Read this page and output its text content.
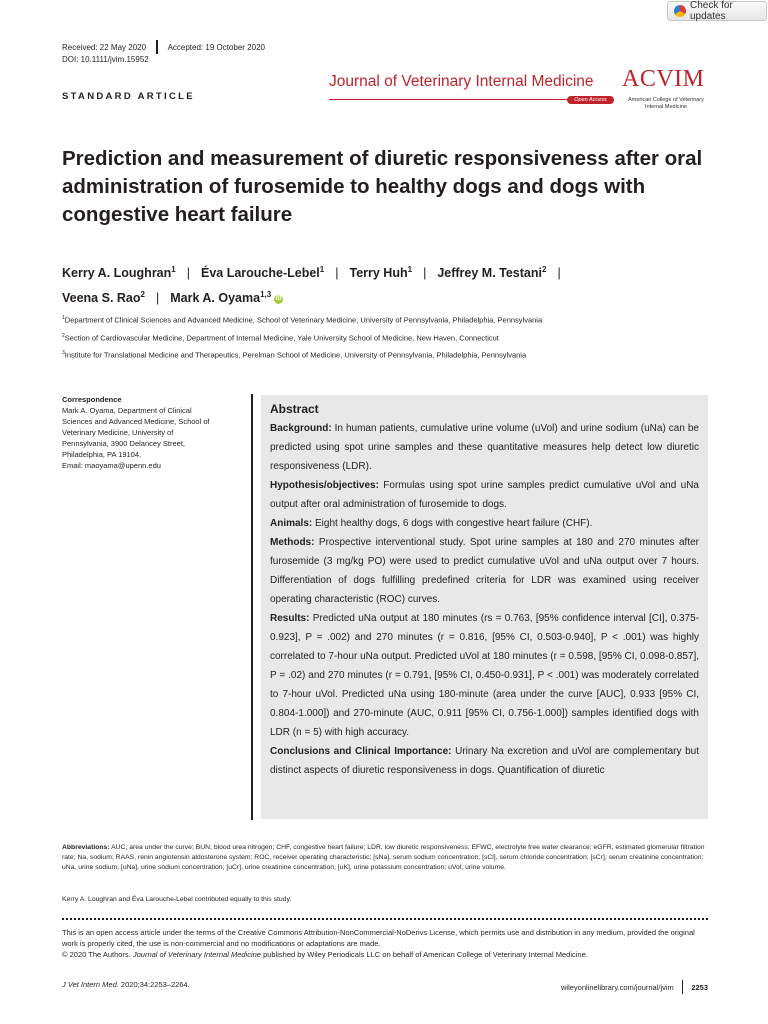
Check for updates
Received: 22 May 2020	Accepted: 19 October 2020
DOI: 10.1111/jvim.15952
STANDARD ARTICLE
Journal of Veterinary Internal Medicine
Open Access
ACVIM
American College of Veterinary Internal Medicine
Prediction and measurement of diuretic responsiveness after oral administration of furosemide to healthy dogs and dogs with congestive heart failure
Kerry A. Loughran$^1$ | Éva Larouche-Lebel$^1$ | Terry Huh$^1$ | Jeffrey M. Testani$^2$ |
Veena S. Rao$^2$ | Mark A. Oyama$^{1,3}$ iD
$^1$Department of Clinical Sciences and Advanced Medicine, School of Veterinary Medicine, University of Pennsylvania, Philadelphia, Pennsylvania
$^2$Section of Cardiovascular Medicine, Department of Internal Medicine, Yale University School of Medicine, New Haven, Connecticut
$^3$Institute for Translational Medicine and Therapeutics, Perelman School of Medicine, University of Pennsylvania, Philadelphia, Pennsylvania
Correspondence
Mark A. Oyama, Department of Clinical
Sciences and Advanced Medicine, School of
Veterinary Medicine, University of
Pennsylvania, 3900 Delancey Street,
Philadelphia, PA 19104.
Email: maoyama@upenn.edu
Abstract

Background: In human patients, cumulative urine volume (uVol) and urine sodium (uNa) can be predicted using spot urine samples and these quantitative measures help detect low diuretic responsiveness (LDR).

Hypothesis/objectives: Formulas using spot urine samples predict cumulative uVol and uNa output after oral administration of furosemide to dogs.

Animals: Eight healthy dogs, 6 dogs with congestive heart failure (CHF).

Methods: Prospective interventional study. Spot urine samples at 180 and 270 minutes after furosemide (3 mg/kg PO) were used to predict cumulative uVol and uNa output over 7 hours. Differentiation of dogs fulfilling predefined criteria for LDR was examined using receiver operating characteristic (ROC) curves.

Results: Predicted uNa output at 180 minutes (rs = 0.763, [95% confidence interval [CI], 0.375-0.923], P = .002) and 270 minutes (r = 0.816, [95% CI, 0.503-0.940], P < .001) was highly correlated to 7-hour uNa output. Predicted uVol at 180 minutes (r = 0.598, [95% CI, 0.098-0.857], P = .02) and 270 minutes (r = 0.791, [95% CI, 0.450-0.931], P < .001) was moderately correlated to 7-hour uVol. Predicted uNa using 180-minute (area under the curve [AUC], 0.933 [95% CI, 0.804-1.000]) and 270-minute (AUC, 0.911 [95% CI, 0.756-1.000]) samples identified dogs with LDR (n = 5) with high accuracy.

Conclusions and Clinical Importance: Urinary Na excretion and uVol are complementary but distinct aspects of diuretic responsiveness in dogs. Quantification of diuretic

Abbreviations: AUC, area under the curve; BUN, blood urea nitrogen; CHF, congestive heart failure; LDR, low diuretic responsiveness; EFWC, electrolyte free water clearance; eGFR, estimated glomerular filtration rate; Na, sodium; RAAS, renin angiotensin aldosterone system; ROC, receiver operating characteristic; [sNa], serum sodium concentration; [sCl], serum chloride concentration; [sCr], serum creatinine concentration; uNa, urine sodium; [uNa], urine sodium concentration; [uCr], urine creatinine concentration; [uK], urine potassium concentration; uVol, urine volume.
Kerry A. Loughran and Éva Larouche-Lebel contributed equally to this study.
This is an open access article under the terms of the Creative Commons Attribution-NonCommercial-NoDerivs License, which permits use and distribution in any medium, provided the original work is properly cited, the use is non-commercial and no modifications or adaptations are made.
© 2020 The Authors. Journal of Veterinary Internal Medicine published by Wiley Periodicals LLC on behalf of American College of Veterinary Internal Medicine.
J Vet Intern Med. 2020;34:2253–2264.	wileyonlinelibrary.com/journal/jvim 2253
